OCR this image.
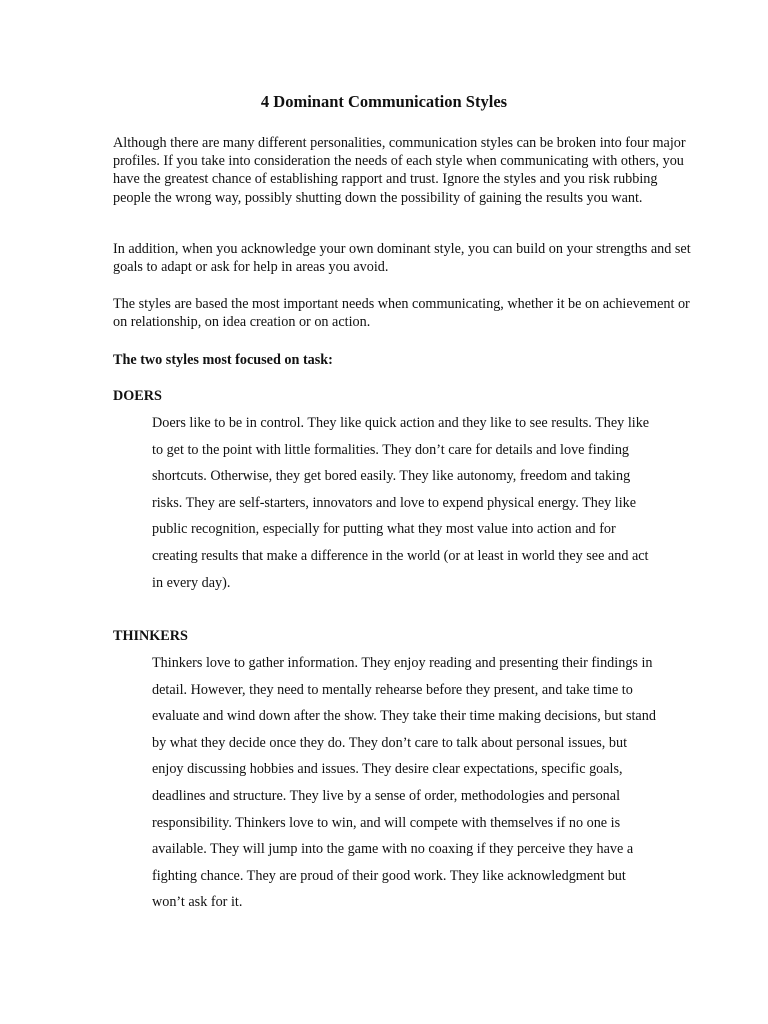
4 Dominant Communication Styles

Although there are many different personalities, communication styles can be broken into four major profiles. If you take into consideration the needs of each style when communicating with others, you have the greatest chance of establishing rapport and trust. Ignore the styles and you risk rubbing people the wrong way, possibly shutting down the possibility of gaining the results you want.

In addition, when you acknowledge your own dominant style, you can build on your strengths and set goals to adapt or ask for help in areas you avoid.

The styles are based the most important needs when communicating, whether it be on achievement or on relationship, on idea creation or on action.

The two styles most focused on task:

DOERS

Doers like to be in control. They like quick action and they like to see results. They like to get to the point with little formalities. They don’t care for details and love finding shortcuts. Otherwise, they get bored easily. They like autonomy, freedom and taking risks. They are self-starters, innovators and love to expend physical energy. They like public recognition, especially for putting what they most value into action and for creating results that make a difference in the world (or at least in world they see and act in every day).

THINKERS

Thinkers love to gather information. They enjoy reading and presenting their findings in detail. However, they need to mentally rehearse before they present, and take time to evaluate and wind down after the show. They take their time making decisions, but stand by what they decide once they do. They don’t care to talk about personal issues, but enjoy discussing hobbies and issues. They desire clear expectations, specific goals, deadlines and structure. They live by a sense of order, methodologies and personal responsibility. Thinkers love to win, and will compete with themselves if no one is available. They will jump into the game with no coaxing if they perceive they have a fighting chance. They are proud of their good work. They like acknowledgment but won’t ask for it.
